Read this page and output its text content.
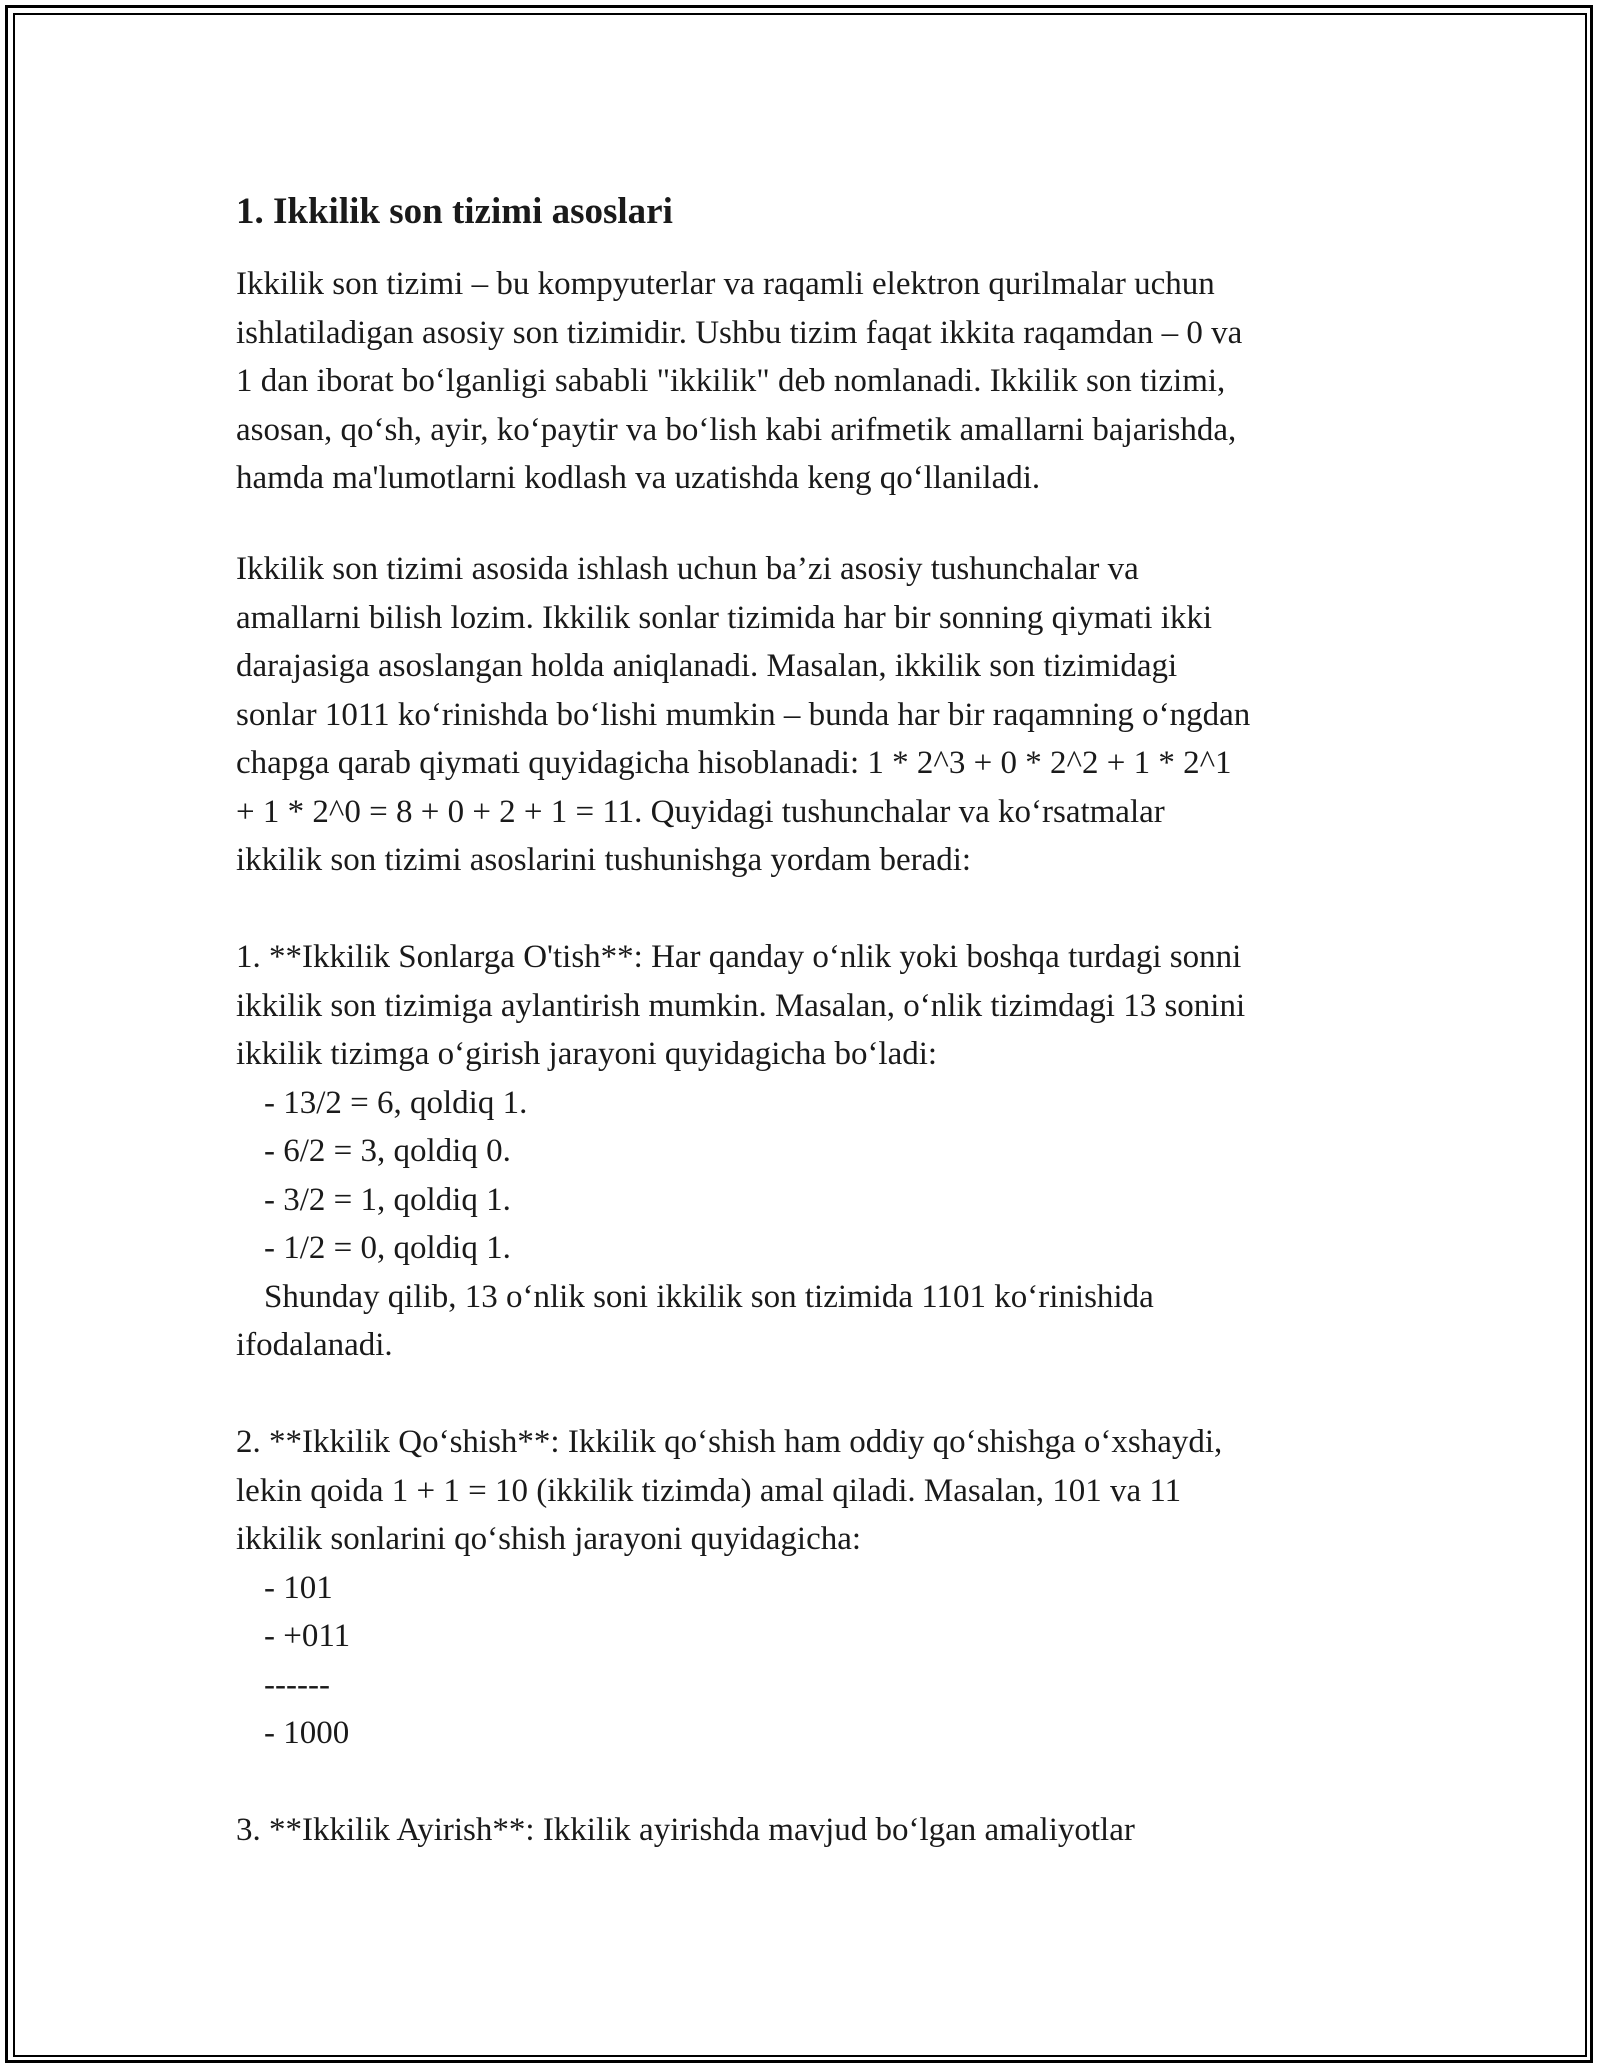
1. Ikkilik son tizimi asoslari

Ikkilik son tizimi – bu kompyuterlar va raqamli elektron qurilmalar uchun
ishlatiladigan asosiy son tizimidir. Ushbu tizim faqat ikkita raqamdan – 0 va
1 dan iborat bo‘lganligi sababli "ikkilik" deb nomlanadi. Ikkilik son tizimi,
asosan, qo‘sh, ayir, ko‘paytir va bo‘lish kabi arifmetik amallarni bajarishda,
hamda ma'lumotlarni kodlash va uzatishda keng qo‘llaniladi.

Ikkilik son tizimi asosida ishlash uchun ba’zi asosiy tushunchalar va
amallarni bilish lozim. Ikkilik sonlar tizimida har bir sonning qiymati ikki
darajasiga asoslangan holda aniqlanadi. Masalan, ikkilik son tizimidagi
sonlar 1011 ko‘rinishda bo‘lishi mumkin – bunda har bir raqamning o‘ngdan
chapga qarab qiymati quyidagicha hisoblanadi: 1 * 2^3 + 0 * 2^2 + 1 * 2^1
+ 1 * 2^0 = 8 + 0 + 2 + 1 = 11. Quyidagi tushunchalar va ko‘rsatmalar
ikkilik son tizimi asoslarini tushunishga yordam beradi:

1. **Ikkilik Sonlarga O'tish**: Har qanday o‘nlik yoki boshqa turdagi sonni
ikkilik son tizimiga aylantirish mumkin. Masalan, o‘nlik tizimdagi 13 sonini
ikkilik tizimga o‘girish jarayoni quyidagicha bo‘ladi:

- 13/2 = 6, qoldiq 1.

- 6/2 = 3, qoldiq 0.

- 3/2 = 1, qoldiq 1.

- 1/2 = 0, qoldiq 1.

Shunday qilib, 13 o‘nlik soni ikkilik son tizimida 1101 ko‘rinishida

ifodalanadi.

2. **Ikkilik Qo‘shish**: Ikkilik qo‘shish ham oddiy qo‘shishga o‘xshaydi,
lekin qoida 1 + 1 = 10 (ikkilik tizimda) amal qiladi. Masalan, 101 va 11
ikkilik sonlarini qo‘shish jarayoni quyidagicha:

- 101

- +011

------

- 1000

3. **Ikkilik Ayirish**: Ikkilik ayirishda mavjud bo‘lgan amaliyotlar
